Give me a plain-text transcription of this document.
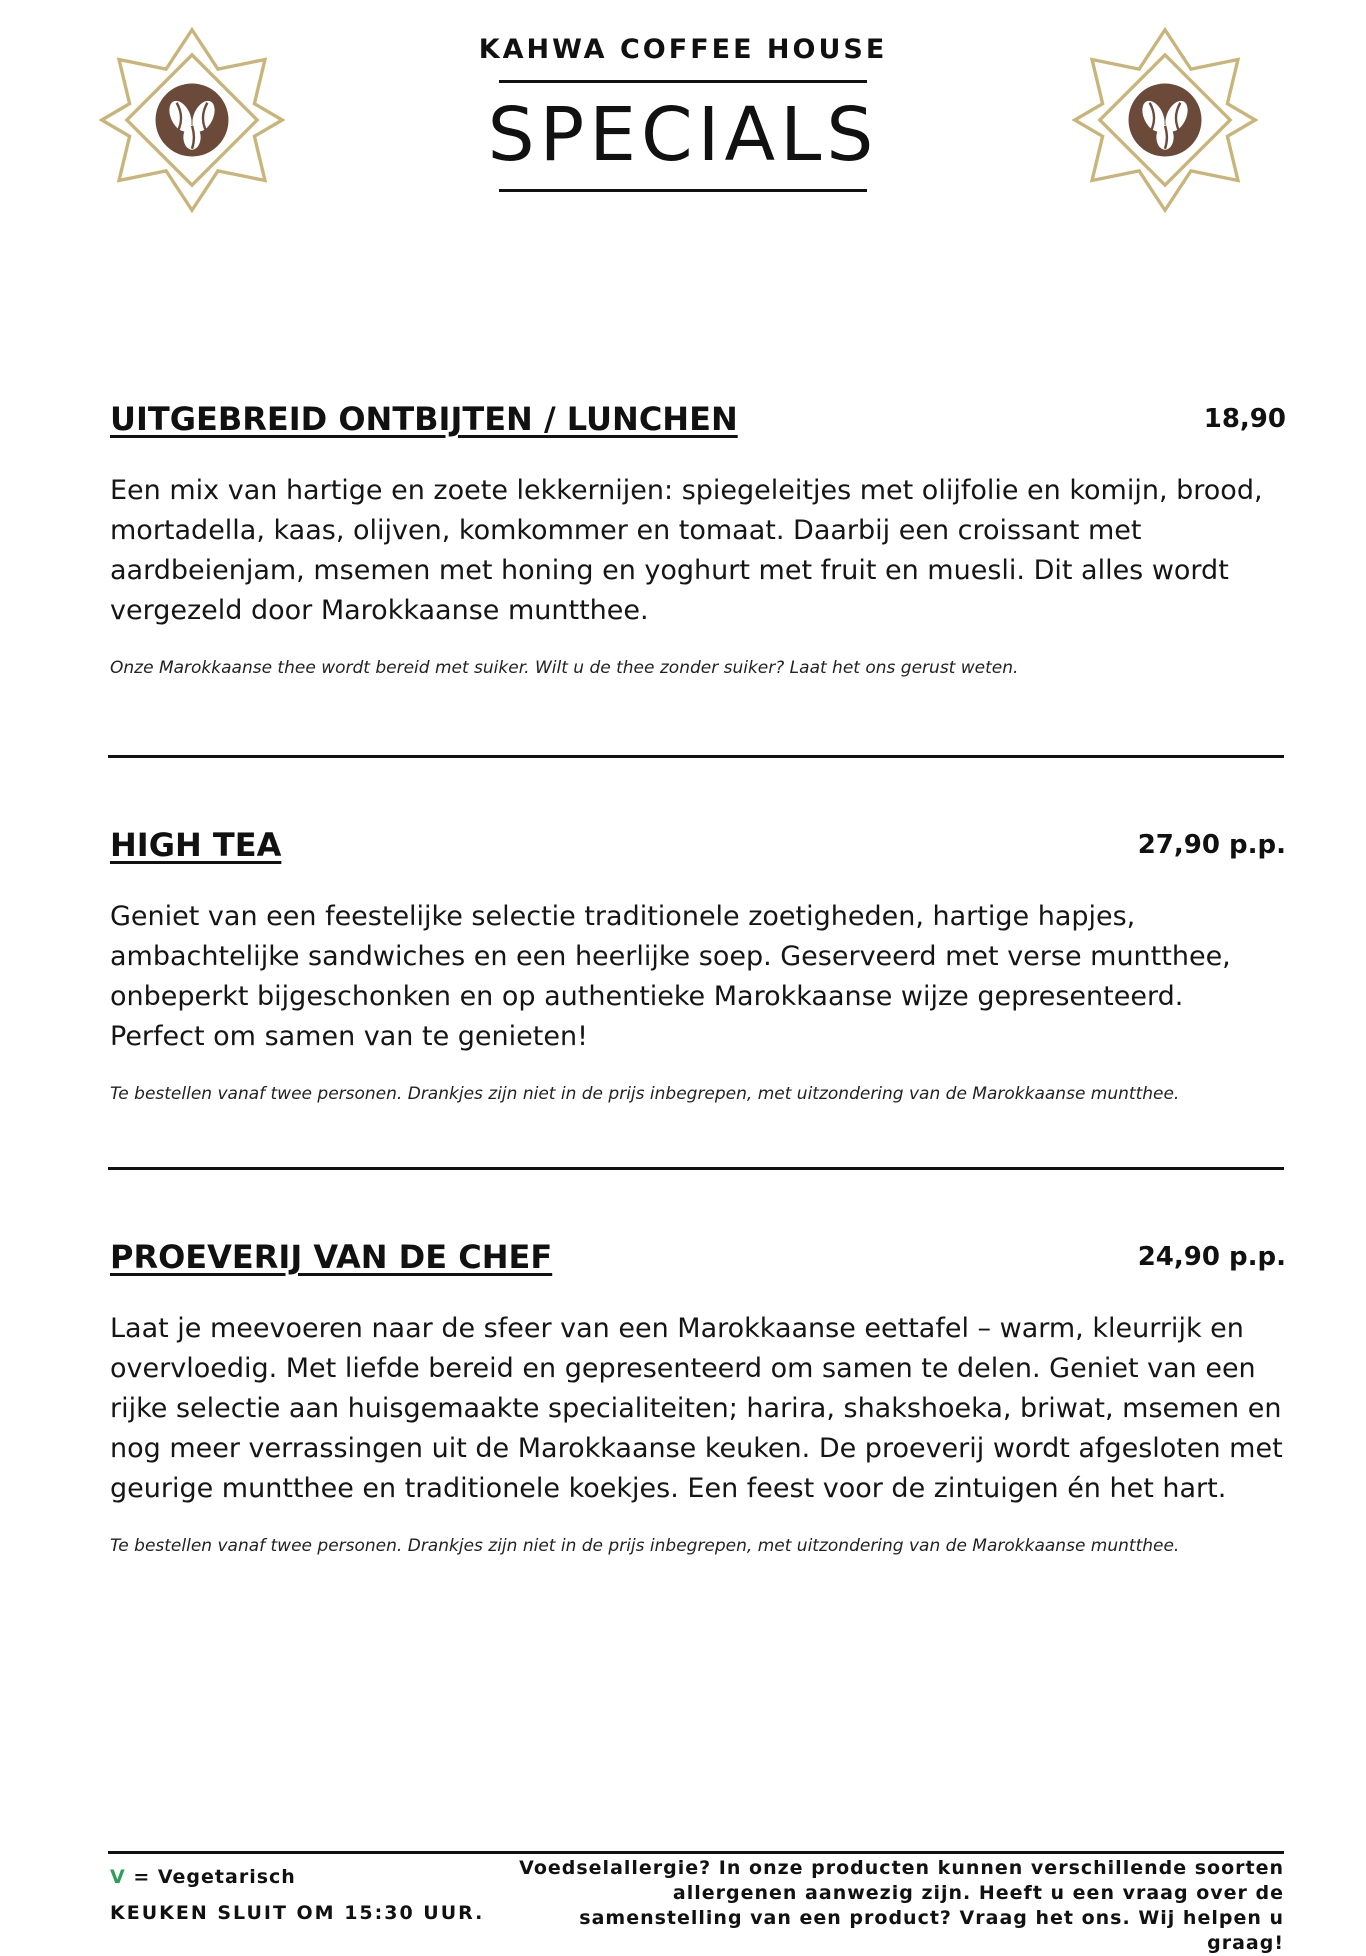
KAHWA COFFEE HOUSE

SPECIALS
UITGEBREID ONTBIJTEN / LUNCHEN	18,90

Een mix van hartige en zoete lekkernijen: spiegeleitjes met olijfolie en komijn, brood, mortadella, kaas, olijven, komkommer en tomaat. Daarbij een croissant met aardbeienjam, msemen met honing en yoghurt met fruit en muesli. Dit alles wordt vergezeld door Marokkaanse muntthee.

Onze Marokkaanse thee wordt bereid met suiker. Wilt u de thee zonder suiker? Laat het ons gerust weten.

HIGH TEA	27,90 p.p.

Geniet van een feestelijke selectie traditionele zoetigheden, hartige hapjes, ambachtelijke sandwiches en een heerlijke soep. Geserveerd met verse muntthee, onbeperkt bijgeschonken en op authentieke Marokkaanse wijze gepresenteerd. Perfect om samen van te genieten!

Te bestellen vanaf twee personen. Drankjes zijn niet in de prijs inbegrepen, met uitzondering van de Marokkaanse muntthee.

PROEVERIJ VAN DE CHEF	24,90 p.p.

Laat je meevoeren naar de sfeer van een Marokkaanse eettafel – warm, kleurrijk en overvloedig. Met liefde bereid en gepresenteerd om samen te delen. Geniet van een rijke selectie aan huisgemaakte specialiteiten; harira, shakshoeka, briwat, msemen en nog meer verrassingen uit de Marokkaanse keuken. De proeverij wordt afgesloten met geurige muntthee en traditionele koekjes. Een feest voor de zintuigen én het hart.

Te bestellen vanaf twee personen. Drankjes zijn niet in de prijs inbegrepen, met uitzondering van de Marokkaanse muntthee.

V = Vegetarisch

KEUKEN SLUIT OM 15:30 UUR.

Voedselallergie? In onze producten kunnen verschillende soorten allergenen aanwezig zijn. Heeft u een vraag over de samenstelling van een product? Vraag het ons. Wij helpen u graag!
